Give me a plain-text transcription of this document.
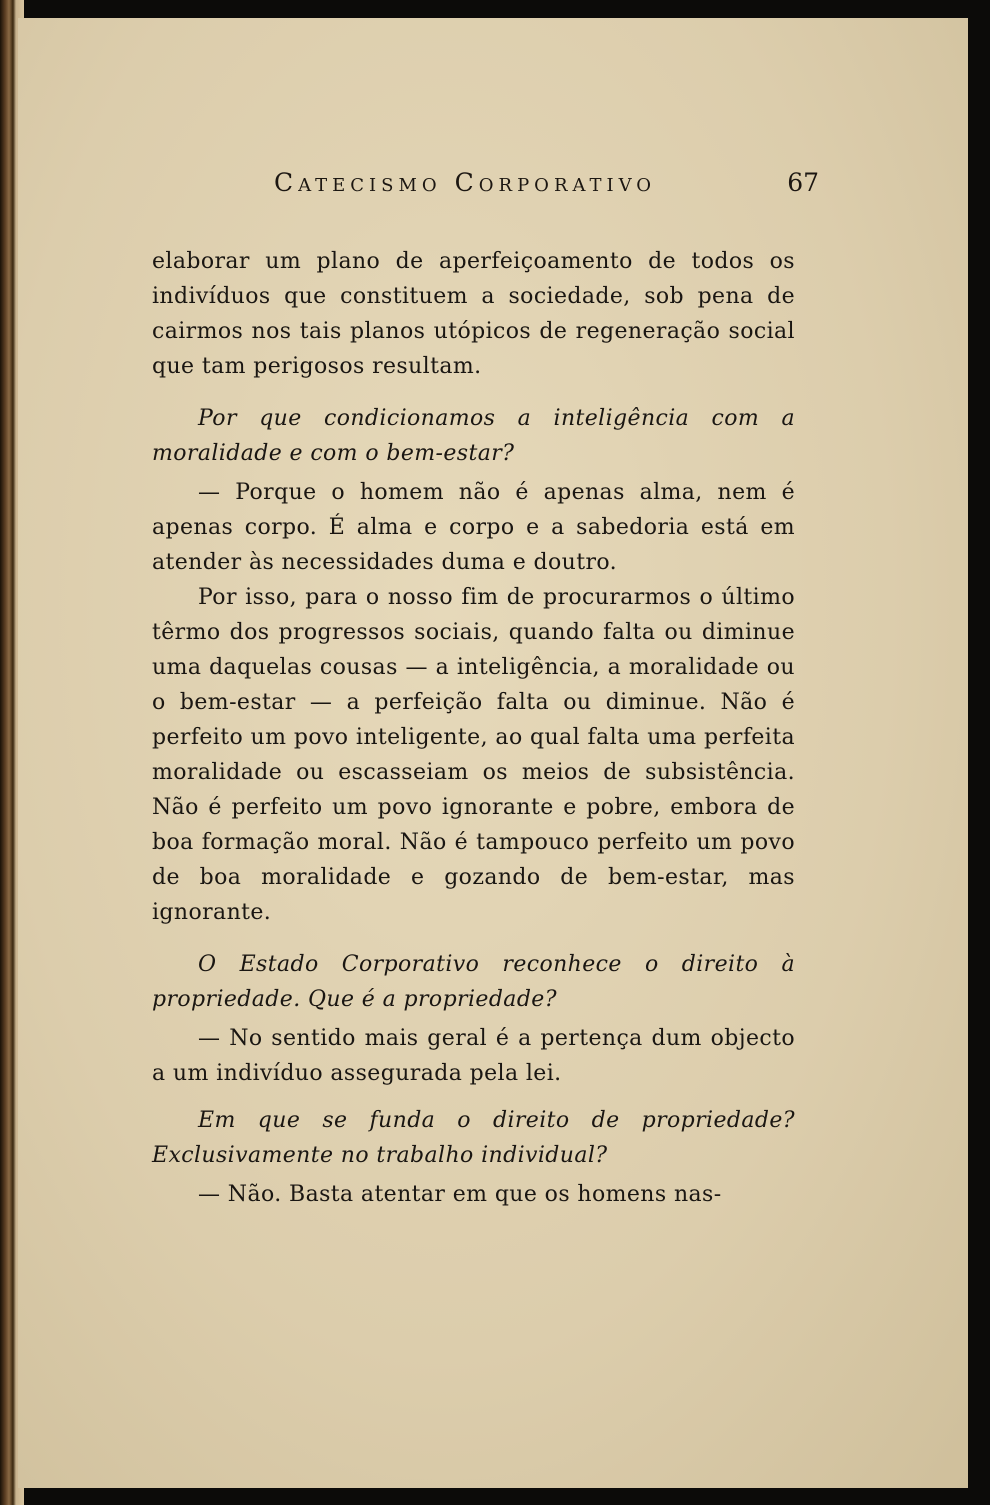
Catecismo Corporativo	67

elaborar um plano de aperfeiçoamento de todos os indivíduos que constituem a sociedade, sob pena de cairmos nos tais planos utópicos de regeneração social que tam perigosos resultam.

Por que condicionamos a inteligência com a moralidade e com o bem-estar?

— Porque o homem não é apenas alma, nem é apenas corpo. É alma e corpo e a sabedoria está em atender às necessidades duma e doutro.

Por isso, para o nosso fim de procurarmos o último têrmo dos progressos sociais, quando falta ou diminue uma daquelas cousas — a inteligência, a moralidade ou o bem-estar — a perfeição falta ou diminue. Não é perfeito um povo inteligente, ao qual falta uma perfeita moralidade ou escasseiam os meios de subsistência. Não é perfeito um povo ignorante e pobre, embora de boa formação moral. Não é tampouco perfeito um povo de boa moralidade e gozando de bem-estar, mas ignorante.

O Estado Corporativo reconhece o direito à propriedade. Que é a propriedade?

— No sentido mais geral é a pertença dum objecto a um indivíduo assegurada pela lei.

Em que se funda o direito de propriedade? Exclusivamente no trabalho individual?

— Não. Basta atentar em que os homens nas-
